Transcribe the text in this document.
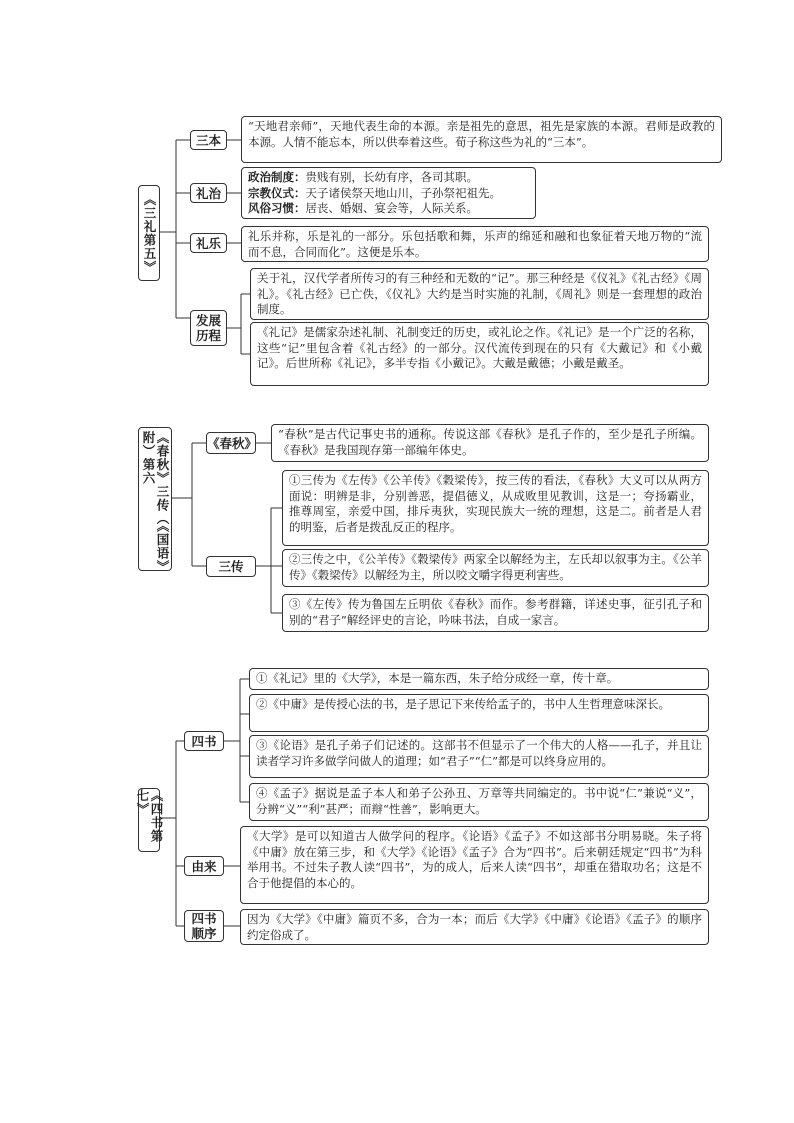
《三礼第五》
三本
礼治
礼乐
发展历程
“天地君亲师”，天地代表生命的本源。亲是祖先的意思，祖先是家族的本源。君师是政教的本源。人情不能忘本，所以供奉着这些。荀子称这些为礼的“三本”。
政治制度：贵贱有别，长幼有序，各司其职。
宗教仪式：天子诸侯祭天地山川，子孙祭祀祖先。
风俗习惯：居丧、婚姻、宴会等，人际关系。
礼乐并称，乐是礼的一部分。乐包括歌和舞，乐声的绵延和融和也象征着天地万物的“流而不息，合同而化”。这便是乐本。
关于礼，汉代学者所传习的有三种经和无数的“记”。那三种经是《仪礼》《礼古经》《周礼》。《礼古经》已亡佚，《仪礼》大约是当时实施的礼制，《周礼》则是一套理想的政治制度。
《礼记》是儒家杂述礼制、礼制变迁的历史，或礼论之作。《礼记》是一个广泛的名称，这些“记”里包含着《礼古经》的一部分。汉代流传到现在的只有《大戴记》和《小戴记》。后世所称《礼记》，多半专指《小戴记》。大戴是戴德；小戴是戴圣。
《春秋》三传（《国语》附）第六	《春秋》
三传
“春秋”是古代记事史书的通称。传说这部《春秋》是孔子作的，至少是孔子所编。《春秋》是我国现存第一部编年体史。
①三传为《左传》《公羊传》《穀梁传》，按三传的看法，《春秋》大义可以从两方面说：明辨是非，分别善恶，提倡德义，从成败里见教训，这是一；夸扬霸业，推尊周室，亲爱中国，排斥夷狄，实现民族大一统的理想，这是二。前者是人君的明鉴，后者是拨乱反正的程序。
②三传之中，《公羊传》《穀梁传》两家全以解经为主，左氏却以叙事为主。《公羊传》《穀梁传》以解经为主，所以咬文嚼字得更利害些。
③《左传》传为鲁国左丘明依《春秋》而作。参考群籍，详述史事，征引孔子和别的“君子”解经评史的言论，吟味书法，自成一家言。
《四书第七》
四书
由来
四书顺序
①《礼记》里的《大学》，本是一篇东西，朱子给分成经一章，传十章。
②《中庸》是传授心法的书，是子思记下来传给孟子的，书中人生哲理意味深长。
③《论语》是孔子弟子们记述的。这部书不但显示了一个伟大的人格——孔子，并且让读者学习许多做学问做人的道理；如“君子”“仁”都是可以终身应用的。
④《孟子》据说是孟子本人和弟子公孙丑、万章等共同编定的。书中说“仁”兼说“义”，分辨“义”“利”甚严；而辩“性善”，影响更大。
《大学》是可以知道古人做学问的程序。《论语》《孟子》不如这部书分明易晓。朱子将《中庸》放在第三步，和《大学》《论语》《孟子》合为“四书”。后来朝廷规定“四书”为科举用书。不过朱子教人读“四书”，为的成人，后来人读“四书”，却重在猎取功名；这是不合于他提倡的本心的。
因为《大学》《中庸》篇页不多，合为一本；而后《大学》《中庸》《论语》《孟子》的顺序约定俗成了。
